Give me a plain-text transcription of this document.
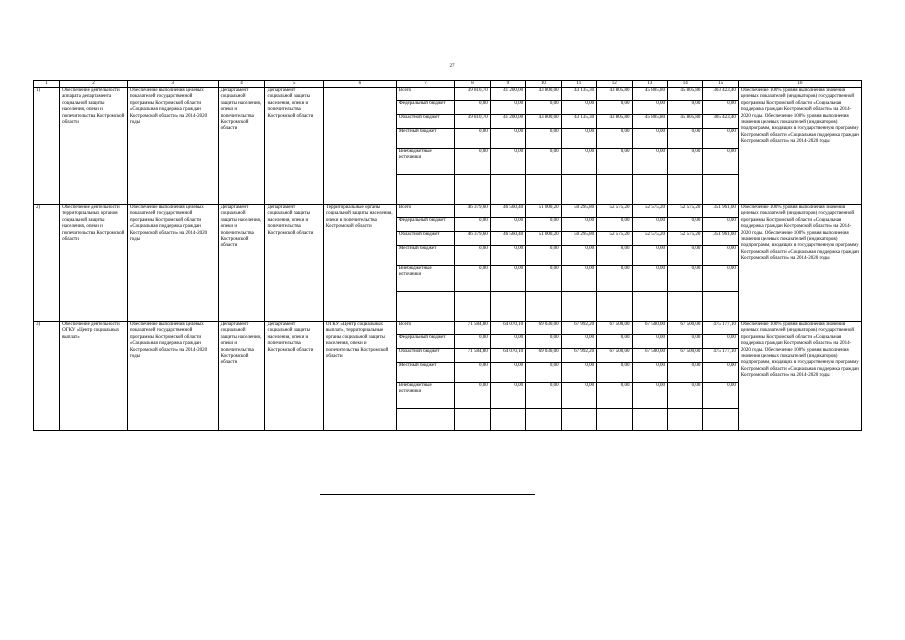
27
1	2	3	4	5	6	7	8	9	10	11	12	13	14	15	16
1)	Обеспечение деятельности аппарата департамента социальной защиты населения, опеки и попечительства Костромской области	Обеспечение выполнения целевых показателей государственной программы Костромской области «Социальная поддержка граждан Костромской области» на 2014-2020 годы	Департамент социальной защиты населения, опеки и попечительства Костромской области	Департамент социальной защиты населения, опеки и попечительства Костромской области		Всего	39 810,70	41 200,00	43 800,00	43 135,30	43 805,80	45 805,80	45 805,80	303 423,40	Обеспечение 100% уровня выполнения значения целевых показателей (индикаторов) государственной программы Костромской области «Социальная поддержка граждан Костромской области» на 2014-2020 годы. Обеспечение 100% уровня выполнения значения целевых показателей (индикаторов) подпрограмм, входящих в государственную программу Костромской области «Социальная поддержка граждан Костромской области» на 2014-2020 годы
						Федеральный бюджет	0,00	0,00	0,00	0,00	0,00	0,00	0,00	0,00	
						Областной бюджет	39 810,70	41 200,00	43 800,00	43 135,30	43 805,80	45 805,80	45 805,80	305 423,40	
						Местный бюджет	0,00	0,00	0,00	0,00	0,00	0,00	0,00	0,00	
						Внебюджетные источники	0,00	0,00	0,00	0,00	0,00	0,00	0,00	0,00	

2)	Обеспечение деятельности территориальных органов социальной защиты населения, опеки и попечительства Костромской области	Обеспечение выполнения целевых показателей государственной программы Костромской области «Социальная поддержка граждан Костромской области» на 2014-2020 годы	Департамент социальной защиты населения, опеки и попечительства Костромской области	Департамент социальной защиты населения, опеки и попечительства Костромской области	Территориальные органы социальной защиты населения, опеки и попечительства Костромской области	Всего	46 379,60	46 560,40	51 000,20	50 295,80	52 575,20	52 575,20	52 575,20	351 961,60	Обеспечение 100% уровня выполнения значения целевых показателей (индикаторов) государственной программы Костромской области «Социальная поддержка граждан Костромской области» на 2014-2020 годы. Обеспечение 100% уровня выполнения значения целевых показателей (индикаторов) подпрограмм, входящих в государственную программу Костромской области «Социальная поддержка граждан Костромской области» на 2014-2020 годы
						Федеральный бюджет	0,00	0,00	0,00	0,00	0,00	0,00	0,00	0,00	
						Областной бюджет	46 379,60	46 560,40	51 000,20	50 295,80	52 575,20	52 575,20	52 575,20	351 961,60	
						Местный бюджет	0,00	0,00	0,00	0,00	0,00	0,00	0,00	0,00	
						Внебюджетные источники	0,00	0,00	0,00	0,00	0,00	0,00	0,00	0,00	

3)	Обеспечение деятельности ОГКУ «Центр социальных выплат»	Обеспечение выполнения целевых показателей государственной программы Костромской области «Социальная поддержка граждан Костромской области» на 2014-2020 годы	Департамент социальной защиты населения, опеки и попечительства Костромской области	Департамент социальной защиты населения, опеки и попечительства Костромской области	ОГКУ «Центр социальных выплат», территориальные органы социальной защиты населения, опеки и попечительства Костромской области	Всего	71 584,80	64 070,10	69 030,00	67 992,20	67 500,00	67 500,00	67 500,00	475 177,10	Обеспечение 100% уровня выполнения значения целевых показателей (индикаторов) государственной программы Костромской области «Социальная поддержка граждан Костромской области» на 2014-2020 годы. Обеспечение 100% уровня выполнения значения целевых показателей (индикаторов) подпрограмм, входящих в государственную программу Костромской области «Социальная поддержка граждан Костромской области» на 2014-2020 годы
						Федеральный бюджет	0,00	0,00	0,00	0,00	0,00	0,00	0,00	0,00	
						Областной бюджет	71 584,80	64 070,10	69 030,00	67 992,20	67 500,00	67 500,00	67 500,00	475 177,10	
						Местный бюджет	0,00	0,00	0,00	0,00	0,00	0,00	0,00	0,00	
						Внебюджетные источники	0,00	0,00	0,00	0,00	0,00	0,00	0,00	0,00	
